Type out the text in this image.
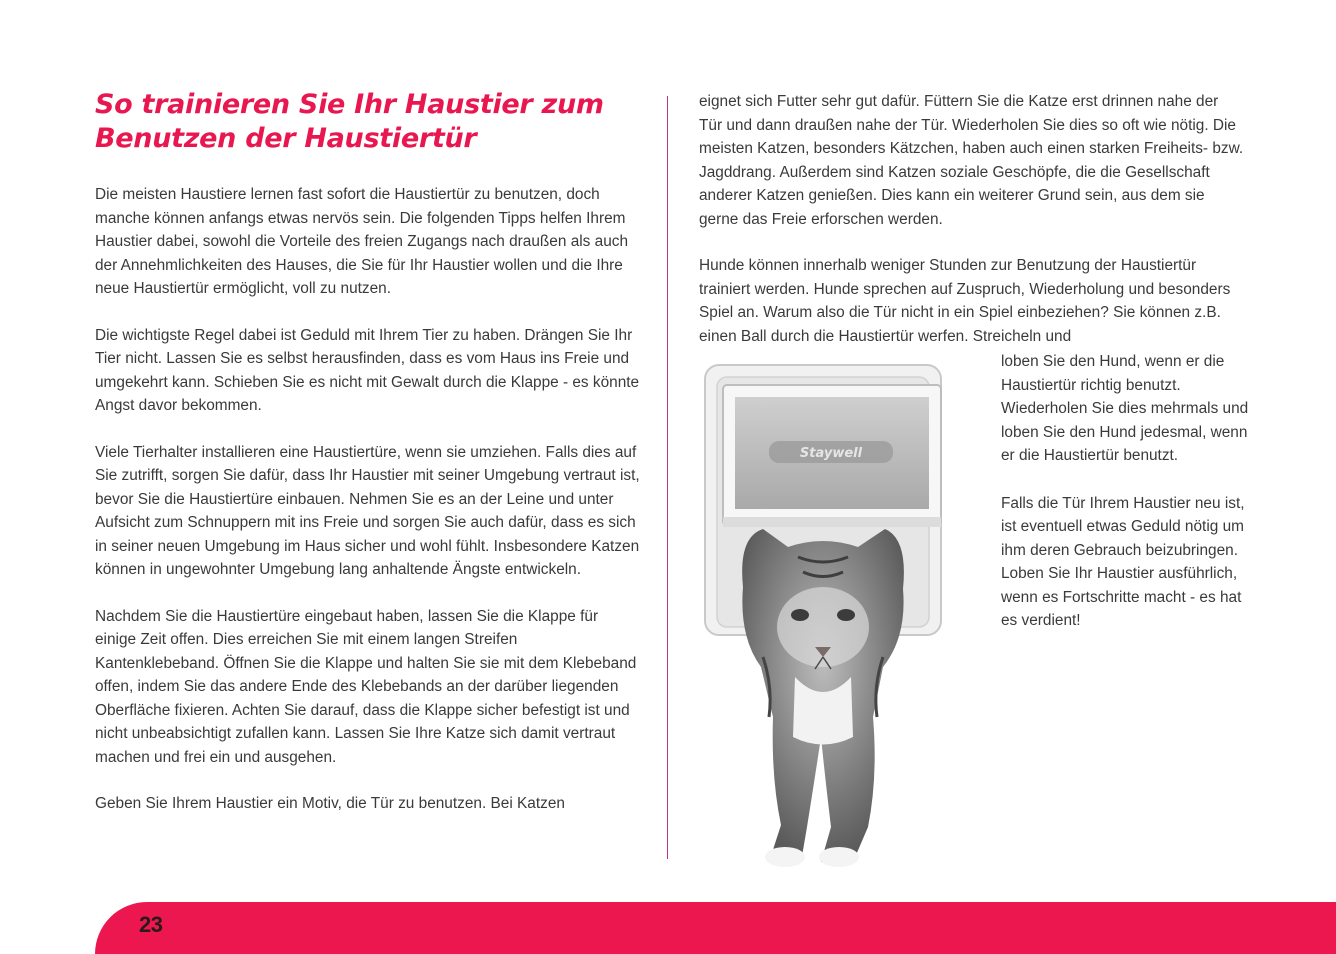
So trainieren Sie Ihr Haustier zum Benutzen der Haustiertür

Die meisten Haustiere lernen fast sofort die Haustiertür zu benutzen, doch manche können anfangs etwas nervös sein. Die folgenden Tipps helfen Ihrem Haustier dabei, sowohl die Vorteile des freien Zugangs nach draußen als auch der Annehmlichkeiten des Hauses, die Sie für Ihr Haustier wollen und die Ihre neue Haustiertür ermöglicht, voll zu nutzen.

Die wichtigste Regel dabei ist Geduld mit Ihrem Tier zu haben. Drängen Sie Ihr Tier nicht. Lassen Sie es selbst herausfinden, dass es vom Haus ins Freie und umgekehrt kann. Schieben Sie es nicht mit Gewalt durch die Klappe - es könnte Angst davor bekommen.

Viele Tierhalter installieren eine Haustiertüre, wenn sie umziehen. Falls dies auf Sie zutrifft, sorgen Sie dafür, dass Ihr Haustier mit seiner Umgebung vertraut ist, bevor Sie die Haustiertüre einbauen. Nehmen Sie es an der Leine und unter Aufsicht zum Schnuppern mit ins Freie und sorgen Sie auch dafür, dass es sich in seiner neuen Umgebung im Haus sicher und wohl fühlt. Insbesondere Katzen können in ungewohnter Umgebung lang anhaltende Ängste entwickeln.

Nachdem Sie die Haustiertüre eingebaut haben, lassen Sie die Klappe für einige Zeit offen. Dies erreichen Sie mit einem langen Streifen Kantenklebeband. Öffnen Sie die Klappe und halten Sie sie mit dem Klebeband offen, indem Sie das andere Ende des Klebebands an der darüber liegenden Oberfläche fixieren. Achten Sie darauf, dass die Klappe sicher befestigt ist und nicht unbeabsichtigt zufallen kann. Lassen Sie Ihre Katze sich damit vertraut machen und frei ein und ausgehen.

Geben Sie Ihrem Haustier ein Motiv, die Tür zu benutzen. Bei Katzen

eignet sich Futter sehr gut dafür. Füttern Sie die Katze erst drinnen nahe der Tür und dann draußen nahe der Tür. Wiederholen Sie dies so oft wie nötig. Die meisten Katzen, besonders Kätzchen, haben auch einen starken Freiheits- bzw. Jagddrang. Außerdem sind Katzen soziale Geschöpfe, die die Gesellschaft anderer Katzen genießen. Dies kann ein weiterer Grund sein, aus dem sie gerne das Freie erforschen werden.

Hunde können innerhalb weniger Stunden zur Benutzung der Haustiertür trainiert werden. Hunde sprechen auf Zuspruch, Wiederholung und besonders Spiel an. Warum also die Tür nicht in ein Spiel einbeziehen? Sie können z.B. einen Ball durch die Haustiertür werfen. Streicheln und

Staywell

loben Sie den Hund, wenn er die Haustiertür richtig benutzt. Wiederholen Sie dies mehrmals und loben Sie den Hund jedesmal, wenn er die Haustiertür benutzt.

Falls die Tür Ihrem Haustier neu ist, ist eventuell etwas Geduld nötig um ihm deren Gebrauch beizubringen. Loben Sie Ihr Haustier ausführlich, wenn es Fortschritte macht - es hat es verdient!

23
